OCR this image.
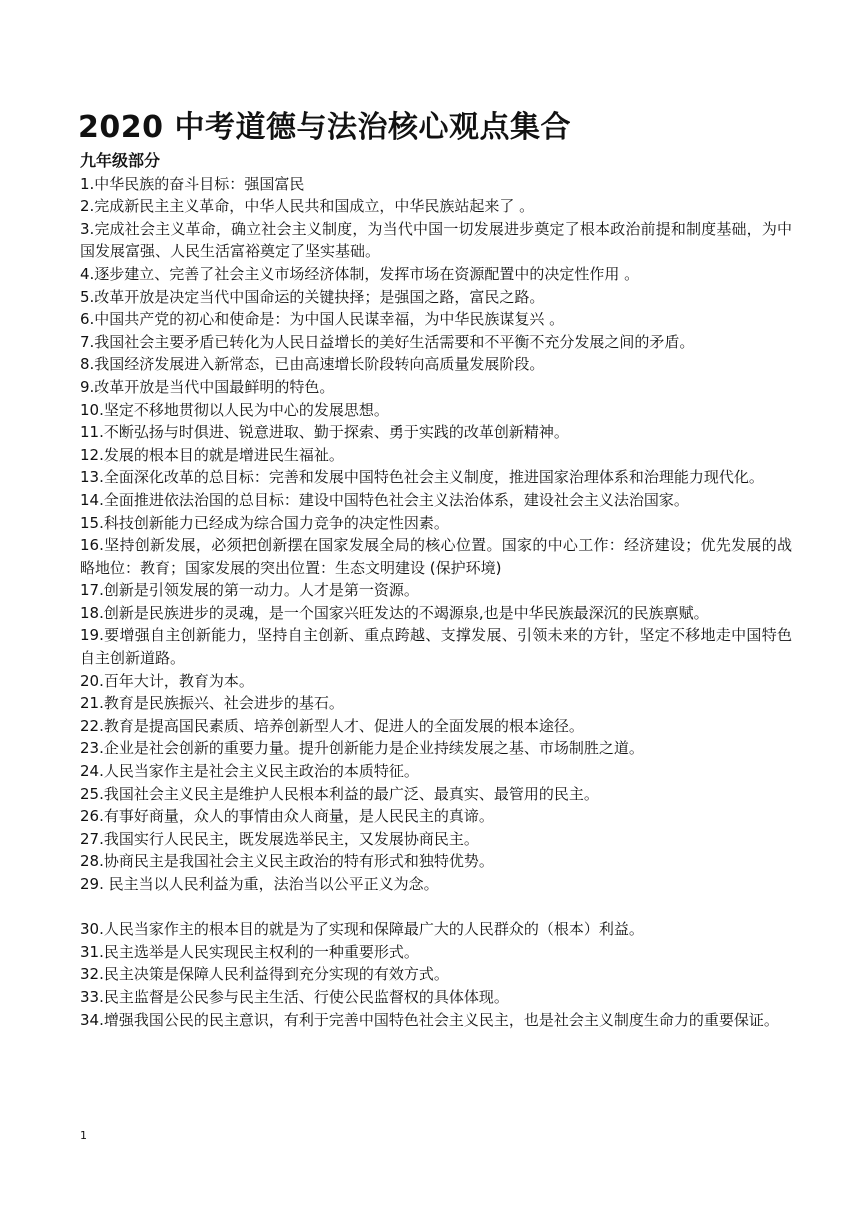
2020 中考道德与法治核心观点集合
九年级部分

1.中华民族的奋斗目标：强国富民

2.完成新民主主义革命，中华人民共和国成立，中华民族站起来了 。

3.完成社会主义革命，确立社会主义制度，为当代中国一切发展进步奠定了根本政治前提和制度基础，为中国发展富强、人民生活富裕奠定了坚实基础。

4.逐步建立、完善了社会主义市场经济体制，发挥市场在资源配置中的决定性作用 。

5.改革开放是决定当代中国命运的关键抉择；是强国之路，富民之路。

6.中国共产党的初心和使命是：为中国人民谋幸福，为中华民族谋复兴 。

7.我国社会主要矛盾已转化为人民日益增长的美好生活需要和不平衡不充分发展之间的矛盾。

8.我国经济发展进入新常态，已由高速增长阶段转向高质量发展阶段。

9.改革开放是当代中国最鲜明的特色。

10.坚定不移地贯彻以人民为中心的发展思想。

11.不断弘扬与时俱进、锐意进取、勤于探索、勇于实践的改革创新精神。

12.发展的根本目的就是增进民生福祉。

13.全面深化改革的总目标：完善和发展中国特色社会主义制度，推进国家治理体系和治理能力现代化。

14.全面推进依法治国的总目标：建设中国特色社会主义法治体系，建设社会主义法治国家。

15.科技创新能力已经成为综合国力竞争的决定性因素。

16.坚持创新发展，必须把创新摆在国家发展全局的核心位置。国家的中心工作：经济建设；优先发展的战略地位：教育；国家发展的突出位置：生态文明建设 (保护环境)

17.创新是引领发展的第一动力。人才是第一资源。

18.创新是民族进步的灵魂，是一个国家兴旺发达的不竭源泉,也是中华民族最深沉的民族禀赋。

19.要增强自主创新能力，坚持自主创新、重点跨越、支撑发展、引领未来的方针，坚定不移地走中国特色自主创新道路。

20.百年大计，教育为本。

21.教育是民族振兴、社会进步的基石。

22.教育是提高国民素质、培养创新型人才、促进人的全面发展的根本途径。

23.企业是社会创新的重要力量。提升创新能力是企业持续发展之基、市场制胜之道。

24.人民当家作主是社会主义民主政治的本质特征。

25.我国社会主义民主是维护人民根本利益的最广泛、最真实、最管用的民主。

26.有事好商量，众人的事情由众人商量，是人民民主的真谛。

27.我国实行人民民主，既发展选举民主，又发展协商民主。

28.协商民主是我国社会主义民主政治的特有形式和独特优势。

29. 民主当以人民利益为重，法治当以公平正义为念。

30.人民当家作主的根本目的就是为了实现和保障最广大的人民群众的（根本）利益。

31.民主选举是人民实现民主权利的一种重要形式。

32.民主决策是保障人民利益得到充分实现的有效方式。

33.民主监督是公民参与民主生活、行使公民监督权的具体体现。

34.增强我国公民的民主意识，有利于完善中国特色社会主义民主，也是社会主义制度生命力的重要保证。

1
